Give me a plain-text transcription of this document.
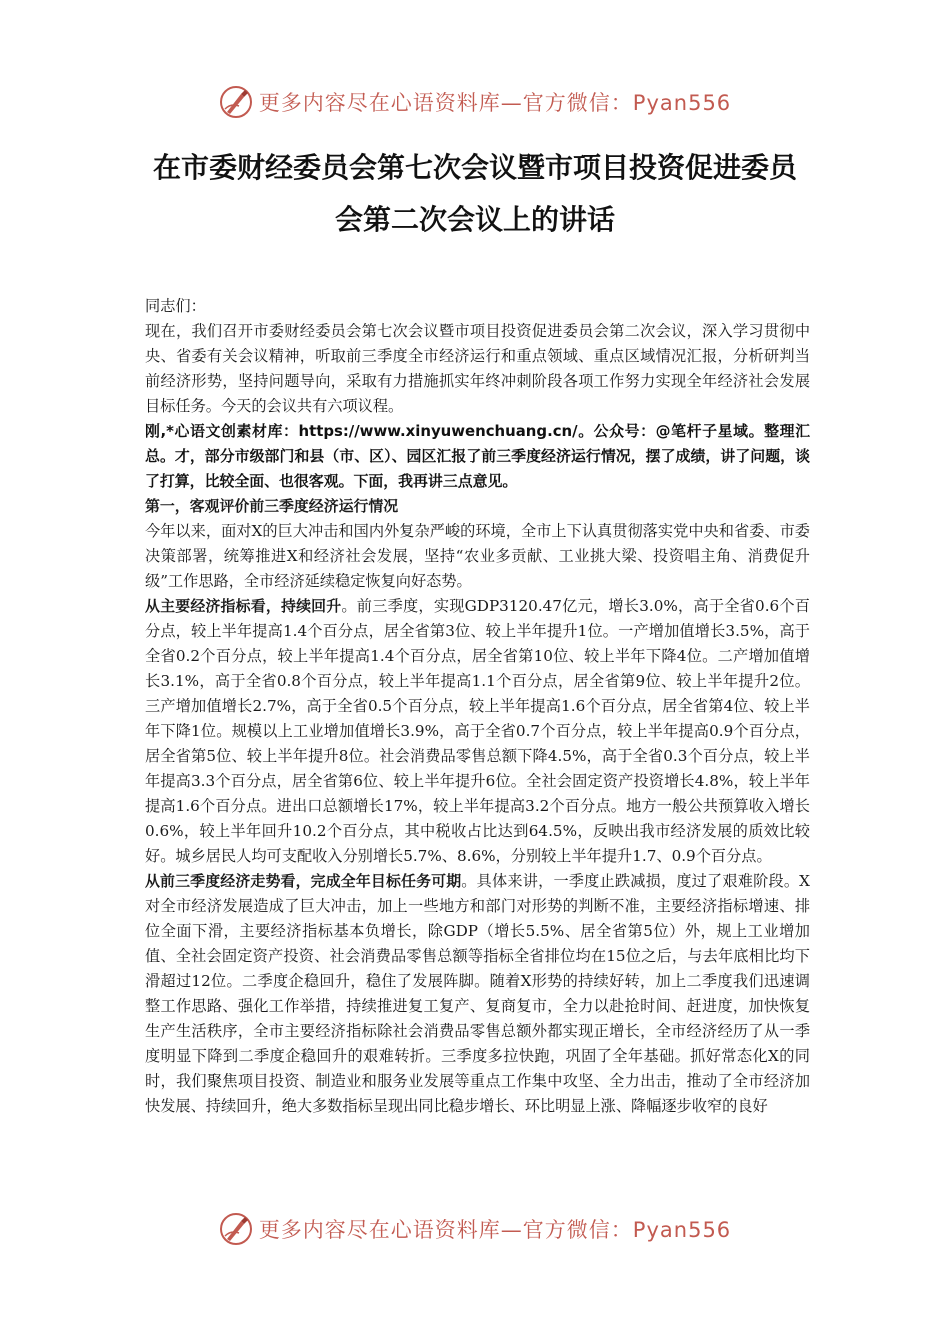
更多内容尽在心语资料库—官方微信：Pyan556
在市委财经委员会第七次会议暨市项目投资促进委员
会第二次会议上的讲话

同志们：

现在，我们召开市委财经委员会第七次会议暨市项目投资促进委员会第二次会议，深入学习贯彻中央、省委有关会议精神，听取前三季度全市经济运行和重点领域、重点区域情况汇报，分析研判当前经济形势，坚持问题导向，采取有力措施抓实年终冲刺阶段各项工作努力实现全年经济社会发展目标任务。今天的会议共有六项议程。

刚,*心语文创素材库：https://www.xinyuwenchuang.cn/。公众号：@笔杆子星域。整理汇总。才，部分市级部门和县（市、区）、园区汇报了前三季度经济运行情况，摆了成绩，讲了问题，谈了打算，比较全面、也很客观。下面，我再讲三点意见。

第一，客观评价前三季度经济运行情况

今年以来，面对X的巨大冲击和国内外复杂严峻的环境，全市上下认真贯彻落实党中央和省委、市委决策部署，统筹推进X和经济社会发展，坚持“农业多贡献、工业挑大梁、投资唱主角、消费促升级”工作思路，全市经济延续稳定恢复向好态势。

从主要经济指标看，持续回升。前三季度，实现GDP3120.47亿元，增长3.0%，高于全省0.6个百分点，较上半年提高1.4个百分点，居全省第3位、较上半年提升1位。一产增加值增长3.5%，高于全省0.2个百分点，较上半年提高1.4个百分点，居全省第10位、较上半年下降4位。二产增加值增长3.1%，高于全省0.8个百分点，较上半年提高1.1个百分点，居全省第9位、较上半年提升2位。三产增加值增长2.7%，高于全省0.5个百分点，较上半年提高1.6个百分点，居全省第4位、较上半年下降1位。规模以上工业增加值增长3.9%，高于全省0.7个百分点，较上半年提高0.9个百分点，居全省第5位、较上半年提升8位。社会消费品零售总额下降4.5%，高于全省0.3个百分点，较上半年提高3.3个百分点，居全省第6位、较上半年提升6位。全社会固定资产投资增长4.8%，较上半年提高1.6个百分点。进出口总额增长17%，较上半年提高3.2个百分点。地方一般公共预算收入增长0.6%，较上半年回升10.2个百分点，其中税收占比达到64.5%，反映出我市经济发展的质效比较好。城乡居民人均可支配收入分别增长5.7%、8.6%，分别较上半年提升1.7、0.9个百分点。

从前三季度经济走势看，完成全年目标任务可期。具体来讲，一季度止跌减损，度过了艰难阶段。X对全市经济发展造成了巨大冲击，加上一些地方和部门对形势的判断不准，主要经济指标增速、排位全面下滑，主要经济指标基本负增长，除GDP（增长5.5%、居全省第5位）外，规上工业增加值、全社会固定资产投资、社会消费品零售总额等指标全省排位均在15位之后，与去年底相比均下滑超过12位。二季度企稳回升，稳住了发展阵脚。随着X形势的持续好转，加上二季度我们迅速调整工作思路、强化工作举措，持续推进复工复产、复商复市，全力以赴抢时间、赶进度，加快恢复生产生活秩序，全市主要经济指标除社会消费品零售总额外都实现正增长，全市经济经历了从一季度明显下降到二季度企稳回升的艰难转折。三季度多拉快跑，巩固了全年基础。抓好常态化X的同时，我们聚焦项目投资、制造业和服务业发展等重点工作集中攻坚、全力出击，推动了全市经济加快发展、持续回升，绝大多数指标呈现出同比稳步增长、环比明显上涨、降幅逐步收窄的良好

更多内容尽在心语资料库—官方微信：Pyan556
